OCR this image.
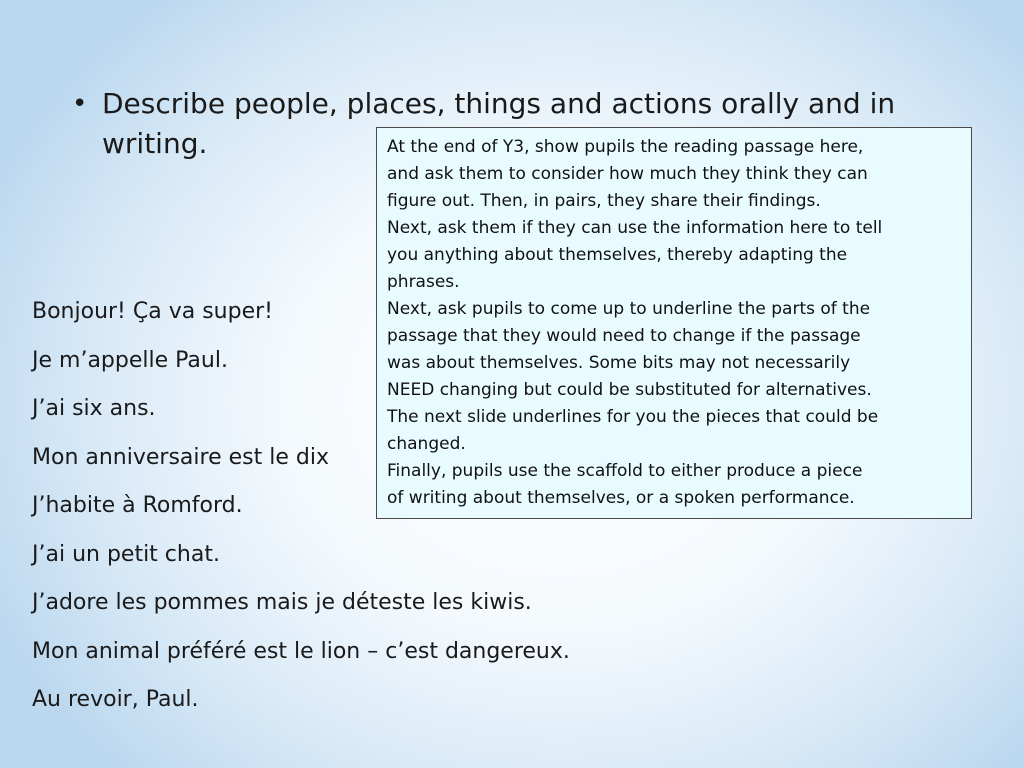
• Describe people, places, things and actions orally and in writing.
Bonjour! Ça va super!
Je m’appelle Paul.
J’ai six ans.
Mon anniversaire est le dix
J’habite à Romford.
J’ai un petit chat.
J’adore les pommes mais je déteste les kiwis.
Mon animal préféré est le lion – c’est dangereux.
Au revoir, Paul.
At the end of Y3, show pupils the reading passage here,
and ask them to consider how much they think they can
figure out. Then, in pairs, they share their findings.
Next, ask them if they can use the information here to tell
you anything about themselves, thereby adapting the
phrases.
Next, ask pupils to come up to underline the parts of the
passage that they would need to change if the passage
was about themselves. Some bits may not necessarily
NEED changing but could be substituted for alternatives.
The next slide underlines for you the pieces that could be
changed.
Finally, pupils use the scaffold to either produce a piece
of writing about themselves, or a spoken performance.
